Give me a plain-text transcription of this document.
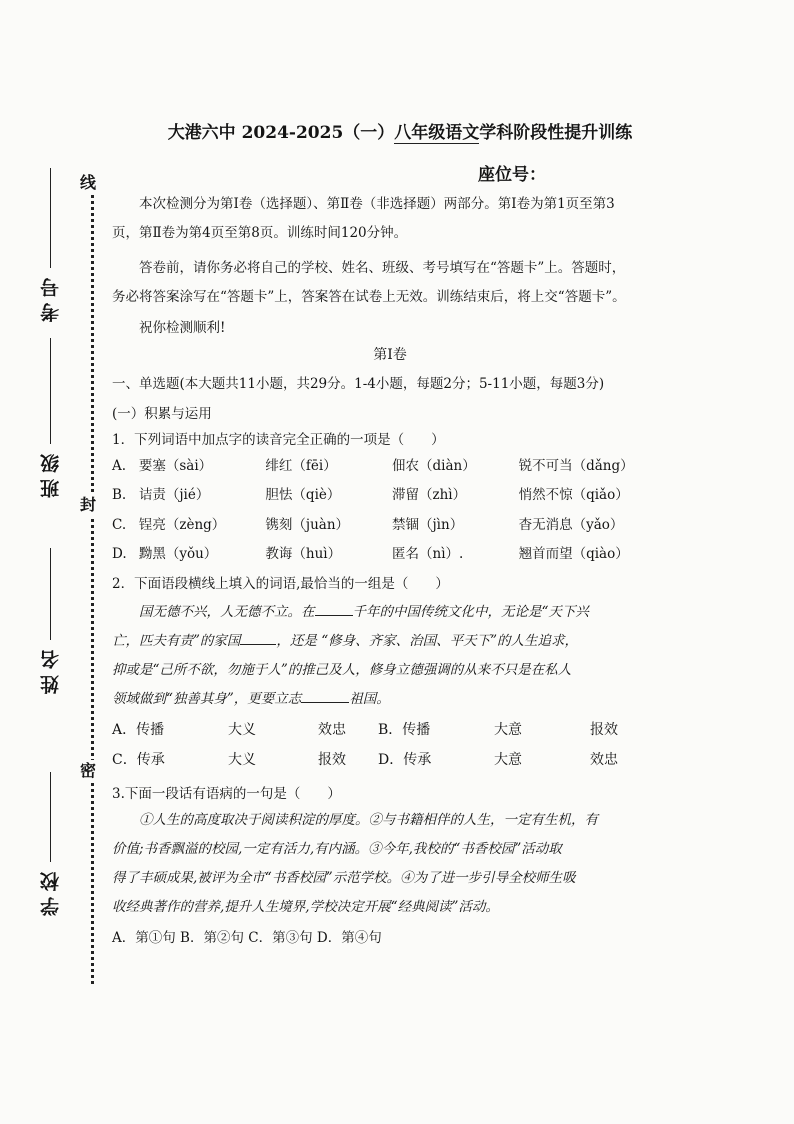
线
封
密
考号
班级
姓名
学校
大港六中 2024-2025（一）八年级语文学科阶段性提升训练
座位号：

本次检测分为第Ⅰ卷（选择题）、第Ⅱ卷（非选择题）两部分。第Ⅰ卷为第1页至第3

页，第Ⅱ卷为第4页至第8页。训练时间120分钟。

答卷前，请你务必将自己的学校、姓名、班级、考号填写在“答题卡”上。答题时，

务必将答案涂写在“答题卡”上，答案答在试卷上无效。训练结束后，将上交“答题卡”。

祝你检测顺利!

第Ⅰ卷
一、单选题(本大题共11小题，共29分。1-4小题，每题2分；5-11小题，每题3分)
(一）积累与运用
1．下列词语中加点字的读音完全正确的一项是（　　）
A. 要塞（sài）	绯红（fēi）	佃农（diàn）	锐不可当（dǎng）
B. 诘责（jié）	胆怯（qiè）	滞留（zhì）	悄然不惊（qiǎo）
C. 锃亮（zèng）	镌刻（juàn）	禁锢（jìn）	杳无消息（yǎo）
D. 黝黑（yǒu）	教诲（huì）	匿名（nì）.	翘首而望（qiào）
2．下面语段横线上填入的词语,最恰当的一组是（　　）

国无德不兴，人无德不立。在	千年的中国传统文化中，无论是“天下兴

亡，匹夫有责”的家国	，还是 “修身、齐家、治国、平天下”的人生追求，

抑或是“己所不欲，勿施于人”的推己及人，修身立德强调的从来不只是在私人

领域做到“独善其身”，更要立志	祖国。

A．传播	大义	效忠 B．传播	大意	报效
C．传承	大义	报效 D．传承	大意	效忠
3.下面一段话有语病的一句是（　　）

①人生的高度取决于阅读积淀的厚度。②与书籍相伴的人生，一定有生机，有

价值;书香飘溢的校园,一定有活力,有内涵。③今年,我校的“书香校园”活动取

得了丰硕成果,被评为全市“书香校园”示范学校。④为了进一步引导全校师生吸

收经典著作的营养,提升人生境界,学校决定开展“经典阅读”活动。

A．第①句 B．第②句 C．第③句 D．第④句
